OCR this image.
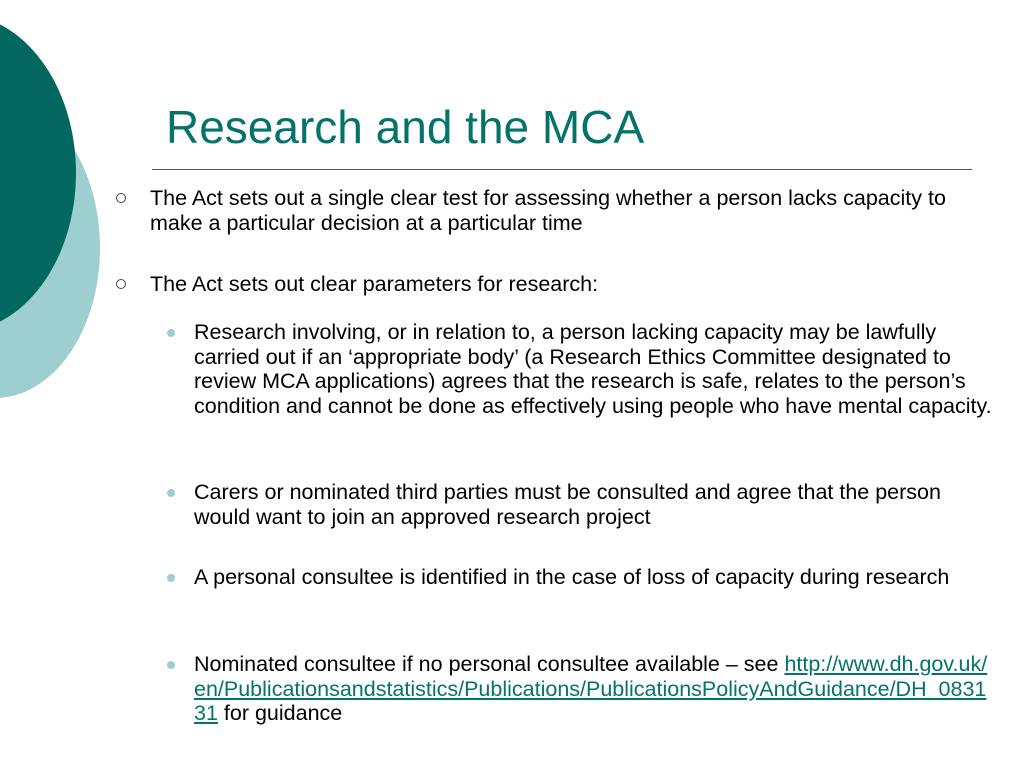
Research and the MCA
The Act sets out a single clear test for assessing whether a person lacks capacity to make a particular decision at a particular time
The Act sets out clear parameters for research:
Research involving, or in relation to, a person lacking capacity may be lawfully carried out if an ‘appropriate body’ (a Research Ethics Committee designated to review MCA applications) agrees that the research is safe, relates to the person’s condition and cannot be done as effectively using people who have mental capacity.
Carers or nominated third parties must be consulted and agree that the person would want to join an approved research project
A personal consultee is identified in the case of loss of capacity during research
Nominated consultee if no personal consultee available – see http://www.dh.gov.uk/en/Publicationsandstatistics/Publications/PublicationsPolicyAndGuidance/DH_083131 for guidance
